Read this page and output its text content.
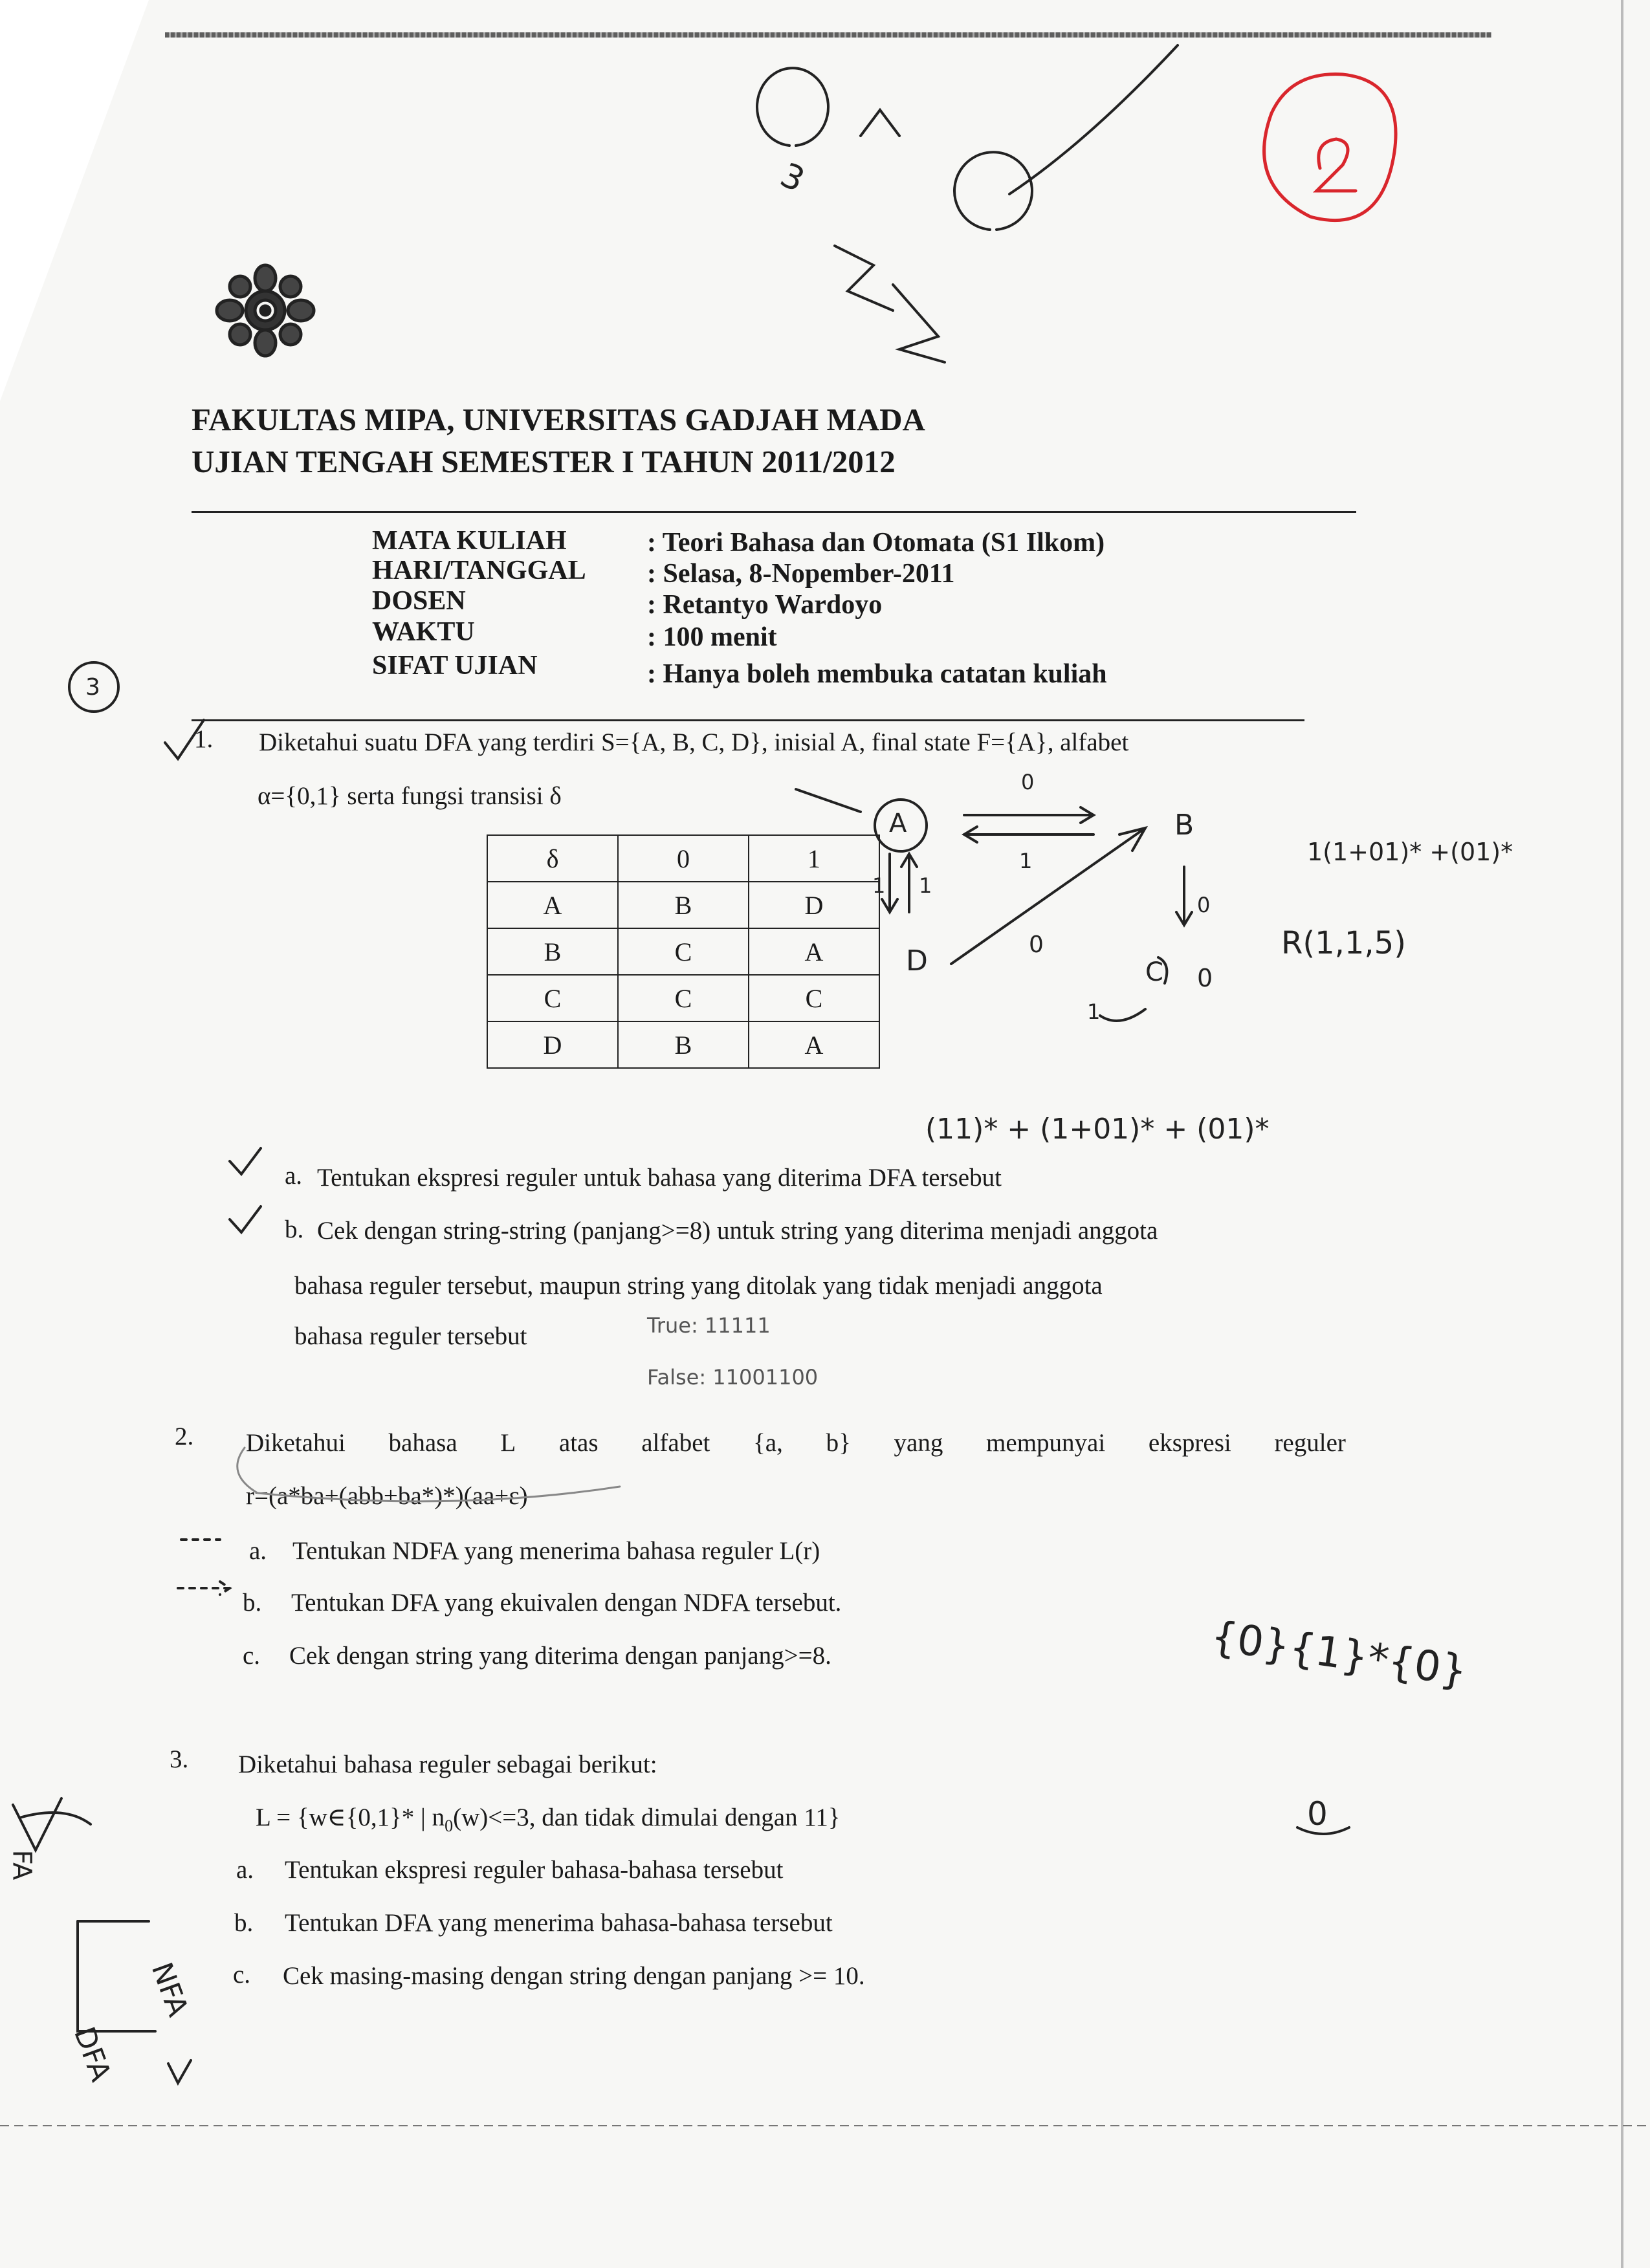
FAKULTAS MIPA, UNIVERSITAS GADJAH MADA
UJIAN TENGAH SEMESTER I TAHUN 2011/2012
MATA KULIAH	: Teori Bahasa dan Otomata (S1 Ilkom)
HARI/TANGGAL : Selasa, 8-Nopember-2011
DOSEN	: Retantyo Wardoyo
WAKTU	: 100 menit
SIFAT UJIAN	: Hanya boleh membuka catatan kuliah
1. Diketahui suatu DFA yang terdiri S={A, B, C, D}, inisial A, final state F={A}, alfabet
α={0,1} serta fungsi transisi δ
δ	0	1
A	B	D
B	C	A
C	C	C
D	B	A
a. Tentukan ekspresi reguler untuk bahasa yang diterima DFA tersebut
b. Cek dengan string-string (panjang>=8) untuk string yang diterima menjadi anggota
bahasa reguler tersebut, maupun string yang ditolak yang tidak menjadi anggota
bahasa reguler tersebut
2. Diketahui bahasa L atas alfabet {a, b} yang mempunyai ekspresi reguler
r=(a*ba+(abb+ba*)*)(aa+ε)
a. Tentukan NDFA yang menerima bahasa reguler L(r)
b. Tentukan DFA yang ekuivalen dengan NDFA tersebut.
c. Cek dengan string yang diterima dengan panjang>=8.
3. Diketahui bahasa reguler sebagai berikut:
L = {w∈{0,1}* | $n_0(w)<=3$, dan tidak dimulai dengan 11}
a. Tentukan ekspresi reguler bahasa-bahasa tersebut
b. Tentukan DFA yang menerima bahasa-bahasa tersebut
c. Cek masing-masing dengan string dengan panjang >= 10.
3
3
A	B
C
D
0
1
0
0
1 1
1
0
1(1+01)* +(01)*
R(1,1,5)
(11)* + (1+01)* + (01)*
True: 11111
False: 11001100
{0}{1}*{0}
0
NFA
DFA
FA
